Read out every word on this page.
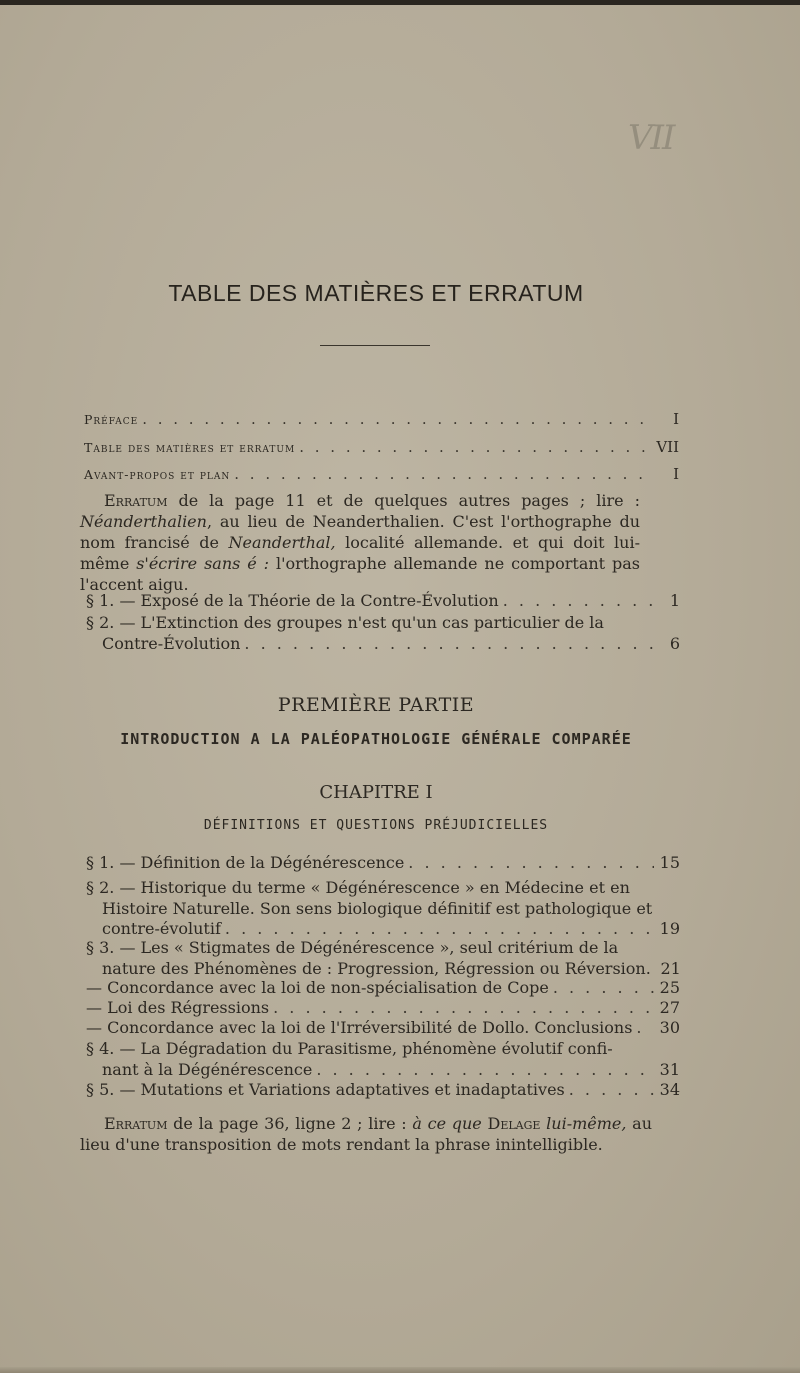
VII
TABLE DES MATIÈRES ET ERRATUM
Préface . . .	I
Table des matières et erratum . . .	VII
Avant-propos et plan . . .	I
Erratum de la page 11 et de quelques autres pages ; lire : Néanderthalien, au lieu de Neanderthalien. C'est l'orthographe du nom francisé de Neanderthal, localité allemande. et qui doit lui-même s'écrire sans é : l'orthographe allemande ne comportant pas l'accent aigu.
§ 1. — Exposé de la Théorie de la Contre-Évolution . . .	1
§ 2. — L'Extinction des groupes n'est qu'un cas particulier de la
Contre-Évolution . . .	6
PREMIÈRE PARTIE
INTRODUCTION A LA PALÉOPATHOLOGIE GÉNÉRALE COMPARÉE
CHAPITRE I
DÉFINITIONS ET QUESTIONS PRÉJUDICIELLES
§ 1. — Définition de la Dégénérescence . . .	15
§ 2. — Historique du terme « Dégénérescence » en Médecine et en
Histoire Naturelle. Son sens biologique définitif est pathologique et
contre-évolutif . . .	19
§ 3. — Les « Stigmates de Dégénérescence », seul critérium de la
nature des Phénomènes de : Progression, Régression ou Réversion. 21
— Concordance avec la loi de non-spécialisation de Cope . . .	25
— Loi des Régressions . . .	27
— Concordance avec la loi de l'Irréversibilité de Dollo. Conclusions . . . 30
§ 4. — La Dégradation du Parasitisme, phénomène évolutif confi-
nant à la Dégénérescence . . .	31
§ 5. — Mutations et Variations adaptatives et inadaptatives . . .	34
Erratum de la page 36, ligne 2 ; lire : à ce que Delage lui-même, au lieu d'une transposition de mots rendant la phrase inintelligible.
